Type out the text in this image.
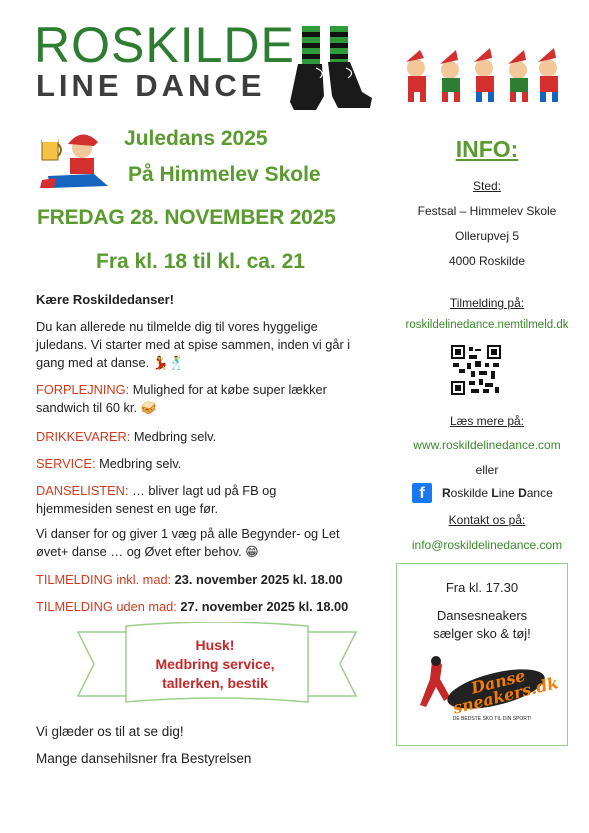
ROSKILDE
LINE DANCE
Juledans 2025
På Himmelev Skole
FREDAG 28. NOVEMBER 2025
Fra kl. 18 til kl. ca. 21
Kære Roskildedanser!
Du kan allerede nu tilmelde dig til vores hyggelige juledans. Vi starter med at spise sammen, inden vi går i gang med at danse. 💃🕺
FORPLEJNING: Mulighed for at købe super lækker sandwich til 60 kr. 🥪
DRIKKEVARER: Medbring selv.
SERVICE: Medbring selv.
DANSELISTEN: … bliver lagt ud på FB og hjemmesiden senest en uge før.
Vi danser for og giver 1 væg på alle Begynder- og Let øvet+ danse … og Øvet efter behov. 😁
TILMELDING inkl. mad: 23. november 2025 kl. 18.00
TILMELDING uden mad: 27. november 2025 kl. 18.00
Husk!
Medbring service,
tallerken, bestik
Vi glæder os til at se dig!
Mange dansehilsner fra Bestyrelsen
INFO:
Sted:
Festsal – Himmelev Skole
Ollerupvej 5
4000 Roskilde
Tilmelding på:
roskildelinedance.nemtilmeld.dk
Læs mere på:
www.roskildelinedance.com
eller
f	R oskilde L ine D ance
Kontakt os på:
info@roskildelinedance.com
Fra kl. 17.30
Dansesneakers sælger sko & tøj!
Danse sneakers.dk
DE BEDSTE SKO TIL DIN SPORT!
